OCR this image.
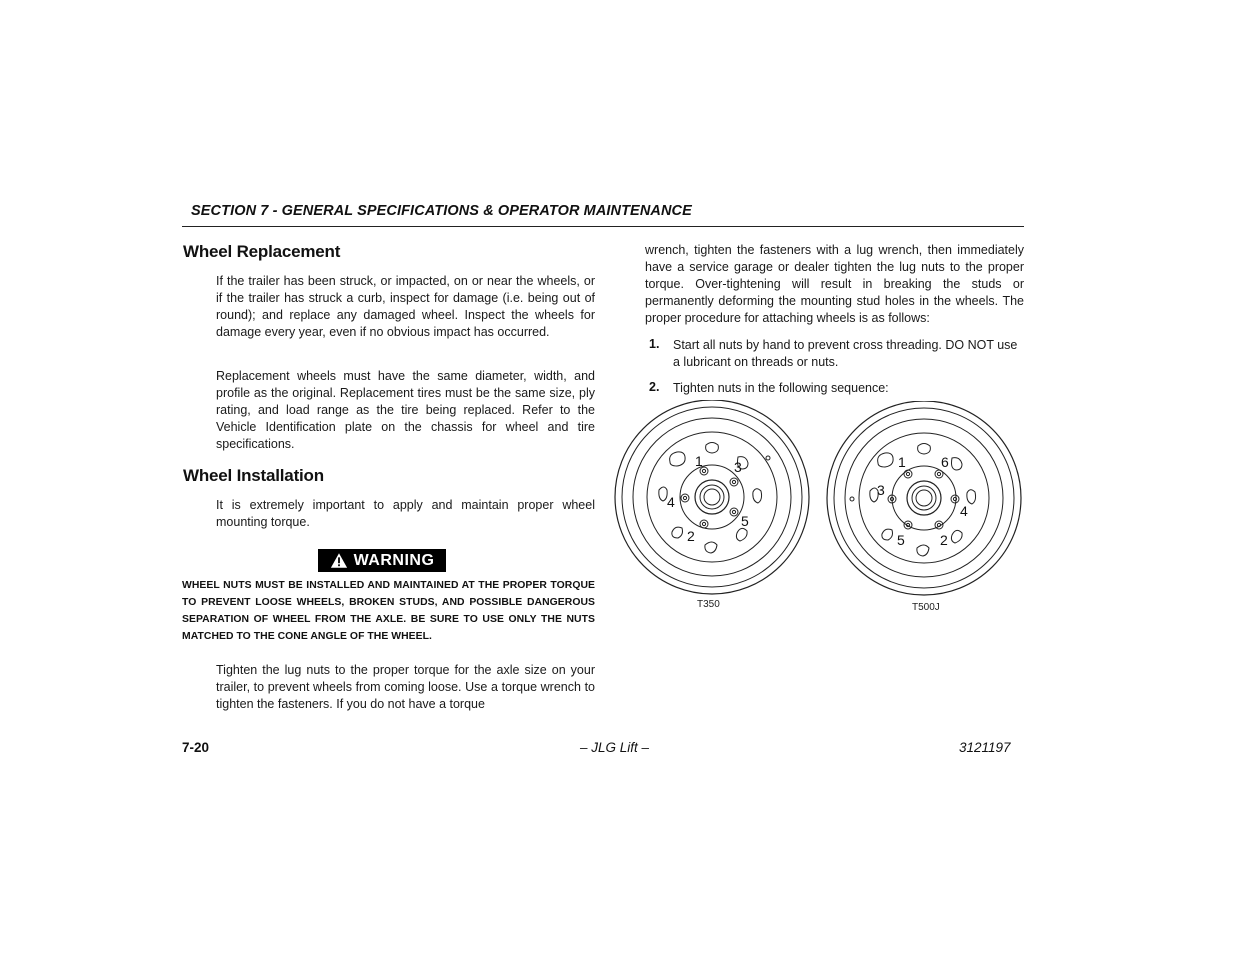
SECTION 7 - GENERAL SPECIFICATIONS & OPERATOR MAINTENANCE
Wheel Replacement
If the trailer has been struck, or impacted, on or near the wheels, or if the trailer has struck a curb, inspect for damage (i.e. being out of round); and replace any damaged wheel. Inspect the wheels for damage every year, even if no obvious impact has occurred.
Replacement wheels must have the same diameter, width, and profile as the original. Replacement tires must be the same size, ply rating, and load range as the tire being replaced. Refer to the Vehicle Identification plate on the chassis for wheel and tire specifications.
Wheel Installation
It is extremely important to apply and maintain proper wheel mounting torque.
WARNING
WHEEL NUTS MUST BE INSTALLED AND MAINTAINED AT THE PROPER TORQUE TO PREVENT LOOSE WHEELS, BROKEN STUDS, AND POSSIBLE DANGEROUS SEPARATION OF WHEEL FROM THE AXLE. BE SURE TO USE ONLY THE NUTS MATCHED TO THE CONE ANGLE OF THE WHEEL.
Tighten the lug nuts to the proper torque for the axle size on your trailer, to prevent wheels from coming loose. Use a torque wrench to tighten the fasteners. If you do not have a torque
wrench, tighten the fasteners with a lug wrench, then immediately have a service garage or dealer tighten the lug nuts to the proper torque. Over-tightening will result in breaking the studs or permanently deforming the mounting stud holes in the wheels. The proper procedure for attaching wheels is as follows:
1. Start all nuts by hand to prevent cross threading. DO NOT use a lubricant on threads or nuts.
2. Tighten nuts in the following sequence:
1 3
4
5
2
T350
1	6
3
4
5	2
T500J
7-20	– JLG Lift –	3121197
